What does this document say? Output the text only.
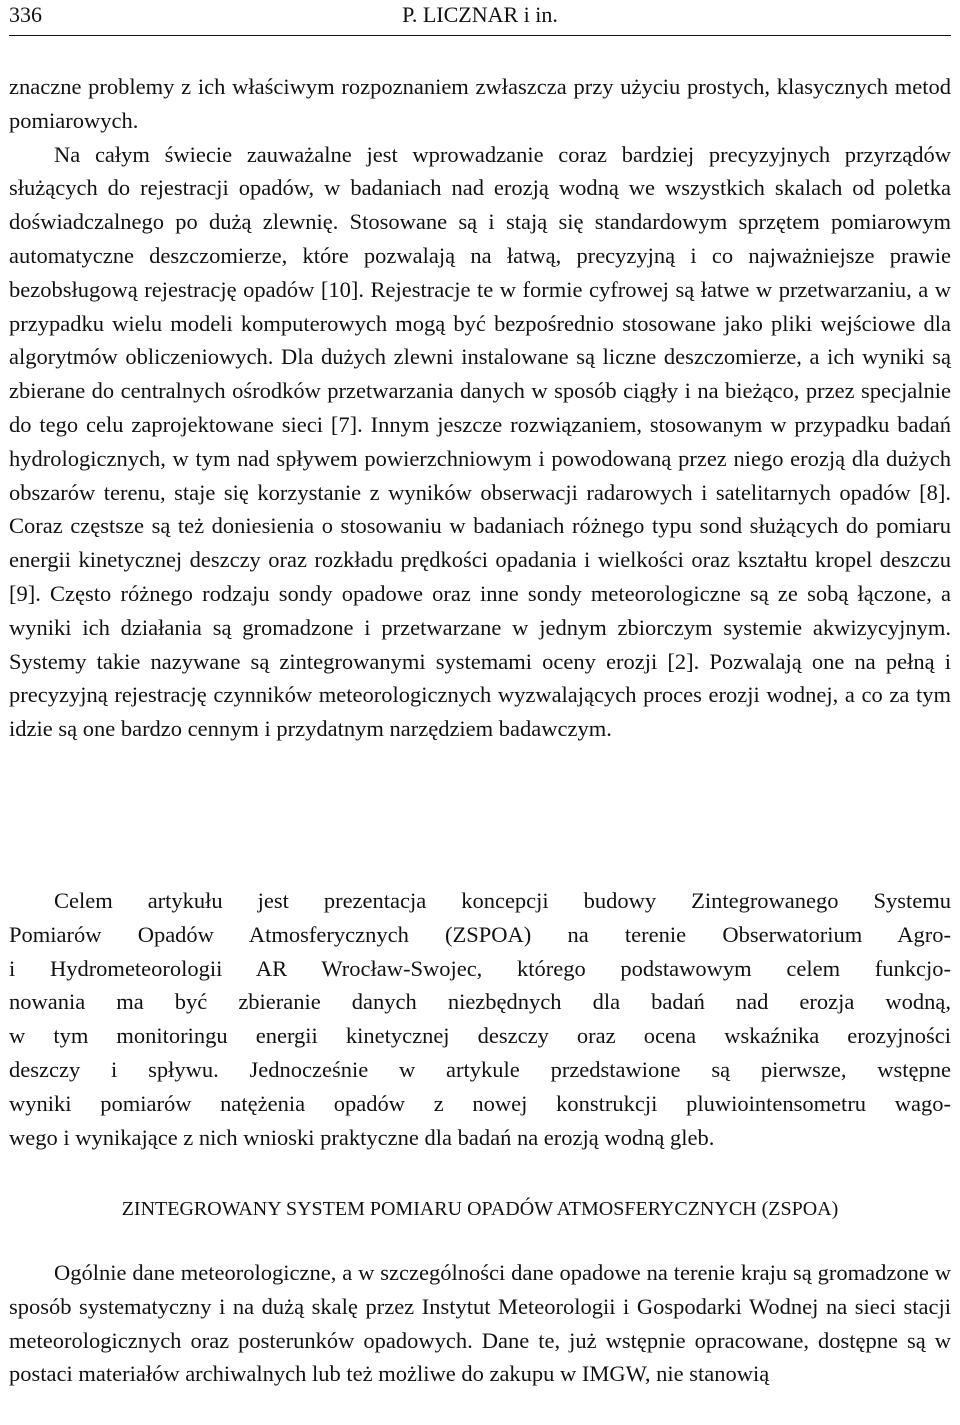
336	P. LICZNAR i in.

znaczne problemy z ich właściwym rozpoznaniem zwłaszcza przy użyciu prostych, klasycznych metod pomiarowych.

Na całym świecie zauważalne jest wprowadzanie coraz bardziej precyzyjnych przyrządów służących do rejestracji opadów, w badaniach nad erozją wodną we wszystkich skalach od poletka doświadczalnego po dużą zlewnię. Stosowane są i stają się standardowym sprzętem pomiarowym automatyczne deszczomierze, które pozwalają na łatwą, precyzyjną i co najważniejsze prawie bezobsługową rejestrację opadów [10]. Rejestracje te w formie cyfrowej są łatwe w przetwarzaniu, a w przypadku wielu modeli komputerowych mogą być bezpośrednio stosowane jako pliki wejściowe dla algorytmów obliczeniowych. Dla dużych zlewni instalowane są liczne deszczomierze, a ich wyniki są zbierane do centralnych ośrodków przetwarzania danych w sposób ciągły i na bieżąco, przez specjalnie do tego celu zaprojektowane sieci [7]. Innym jeszcze rozwiązaniem, stosowanym w przypadku badań hydrologicznych, w tym nad spływem powierzchniowym i powodowaną przez niego erozją dla dużych obszarów terenu, staje się korzystanie z wyników obserwacji radarowych i satelitarnych opadów [8]. Coraz częstsze są też doniesienia o stosowaniu w badaniach różnego typu sond służących do pomiaru energii kinetycznej deszczy oraz rozkładu prędkości opadania i wielkości oraz kształtu kropel deszczu [9]. Często różnego rodzaju sondy opadowe oraz inne sondy meteorologiczne są ze sobą łączone, a wyniki ich działania są gromadzone i przetwarzane w jednym zbiorczym systemie akwizycyjnym. Systemy takie nazywane są zintegrowanymi systemami oceny erozji [2]. Pozwalają one na pełną i precyzyjną rejestrację czynników meteorologicznych wyzwalających proces erozji wodnej, a co za tym idzie są one bardzo cennym i przydatnym narzędziem badawczym.

Celem artykułu jest prezentacja koncepcji budowy Zintegrowanego Systemu
Pomiarów Opadów Atmosferycznych (ZSPOA) na terenie Obserwatorium Agro-
i Hydrometeorologii AR Wrocław-Swojec, którego podstawowym celem funkcjo-
nowania ma być zbieranie danych niezbędnych dla badań nad erozja wodną,
w tym monitoringu energii kinetycznej deszczy oraz ocena wskaźnika erozyjności
deszczy i spływu. Jednocześnie w artykule przedstawione są pierwsze, wstępne
wyniki pomiarów natężenia opadów z nowej konstrukcji pluwiointensometru wago-
wego i wynikające z nich wnioski praktyczne dla badań na erozją wodną gleb.
ZINTEGROWANY SYSTEM POMIARU OPADÓW ATMOSFERYCZNYCH (ZSPOA)

Ogólnie dane meteorologiczne, a w szczególności dane opadowe na terenie kraju są gromadzone w sposób systematyczny i na dużą skalę przez Instytut Meteorologii i Gospodarki Wodnej na sieci stacji meteorologicznych oraz posterunków opadowych. Dane te, już wstępnie opracowane, dostępne są w postaci materiałów archiwalnych lub też możliwe do zakupu w IMGW, nie stanowią
